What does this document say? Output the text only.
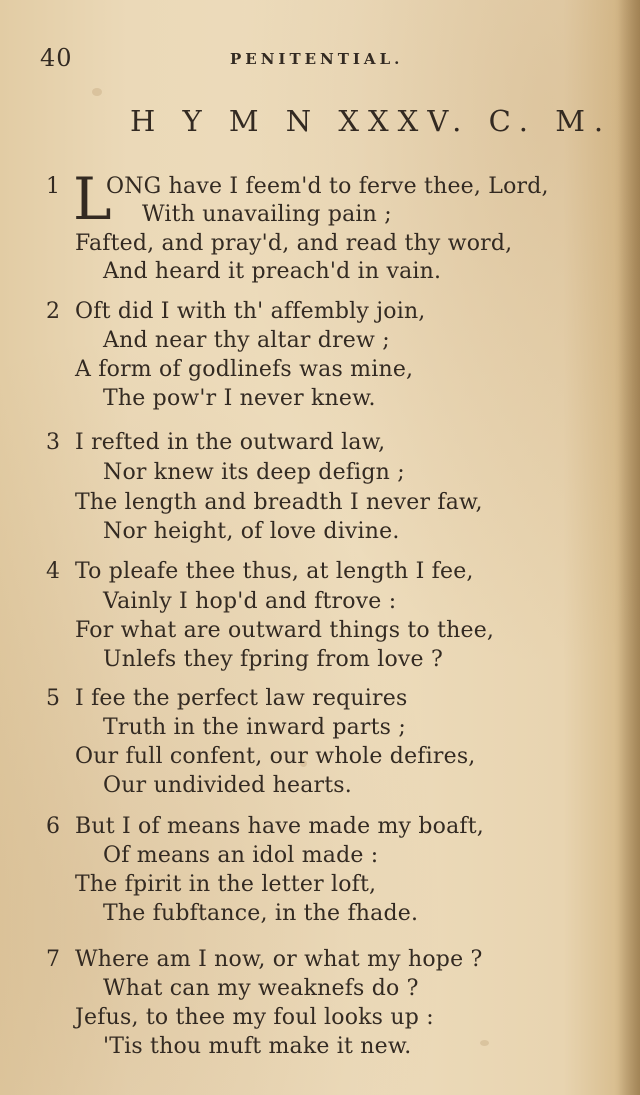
40	PENITENTIAL.
H Y M N XXXV. C. M.
1 L
ONG have I feem'd to ferve thee, Lord,
With unavailing pain ;
Fafted, and pray'd, and read thy word,
And heard it preach'd in vain.
2 Oft did I with th' affembly join,
And near thy altar drew ;
A form of godlinefs was mine,
The pow'r I never knew.
3 I refted in the outward law,
Nor knew its deep defign ;
The length and breadth I never faw,
Nor height, of love divine.
4 To pleafe thee thus, at length I fee,
Vainly I hop'd and ftrove :
For what are outward things to thee,
Unlefs they fpring from love ?
5 I fee the perfect law requires
Truth in the inward parts ;
Our full confent, our whole defires,
Our undivided hearts.
6 But I of means have made my boaft,
Of means an idol made :
The fpirit in the letter loft,
The fubftance, in the fhade.
7 Where am I now, or what my hope ?
What can my weaknefs do ?
Jefus, to thee my foul looks up :
'Tis thou muft make it new.
